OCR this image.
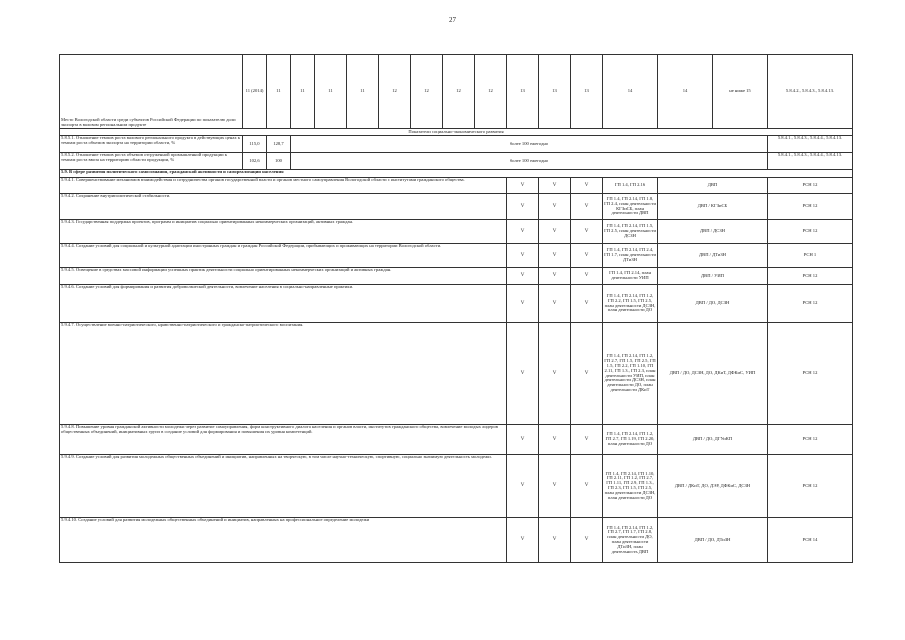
27
Место Вологодской области среди субъектов Российской Федерации по показателю доли экспорта в валовом региональном продукте	11 (2014)	11	11	11	11	12	12	12	12	13	13	13	14	14	не ниже 15	5.8.4.2., 5.8.4.3., 5.8.4.13.
Показатели социально-экономического развития																
5.8.5.1. Отношение темпов роста валового регионального продукта в действующих ценах к темпам роста объемов экспорта на территории области, %	115,0	128,7	более 100 ежегодно													5.8.4.1., 5.8.4.3., 5.8.4.4., 5.8.4.13.
5.8.5.2. Отношение темпов роста объемов отгруженной промышленной продукции к темпам роста ввоза на территорию области продукции, %	102,6	100	более 100 ежегодно													5.8.4.1., 5.8.4.3., 5.8.4.4., 5.8.4.13.
5.9. В сфере развития политического самосознания, гражданской активности и самореализации населения																
5.9.4.1. Совершенствование механизмов взаимодействия и сотрудничества органов государственной власти и органов местного самоуправления Вологодской области с институтами гражданского общества.										V	V	V	ГП 1.4, ГП 2.16	ДВП		РСН 12
5.9.4.2. Сохранение внутриполитической стабильности.										V	V	V	ГП 1.4, ГП 2.14, ГП 1.8, ГП 2.4, план деятельности КГЗиСБ, план деятельности ДВП	ДВП / КГЗиСБ		РСН 12
5.9.4.3. Государственная поддержка проектов, программ и инициатив социально ориентированных некоммерческих организаций, активных граждан.										V	V	V	ГП 1.4, ГП 2.14, ГП 1.5, ГП 2.5, план деятельности ДСЗН	ДВП / ДСЗН		РСН 12
5.9.4.4. Создание условий для социальной и культурной адаптации иностранных граждан и граждан Российской Федерации, прибывающих и проживающих на территории Вологодской области.										V	V	V	ГП 1.4, ГП 2.14, ГП 2.4, ГП 1.7, план деятельности ДТиЗН	ДВП / ДТиЗН		РСН 1
5.9.4.5. Освещение в средствах массовой информации успешных практик деятельности социально ориентированных некоммерческих организаций и активных граждан.										V	V	V	ГП 1.4, ГП 2.14, план деятельности УИП	ДВП / УИП		РСН 12
5.9.4.6. Создание условий для формирования и развития добровольческой деятельности, вовлечение населения в социально-направленные практики.										V	V	V	ГП 1.4, ГП 2.14, ГП 1.2, ГП 2.2, ГП 1.5, ГП 2.5, план деятельности ДСЗН, план деятельности ДО	ДВП / ДО, ДСЗН		РСН 12
5.9.4.7. Осуществление военно-патриотического, нравственно-патриотического и гражданско-патриотического воспитания.										V	V	V	ГП 1.4, ГП 2.14, ГП 1.2, ГП 2.7, ГП 1.5, ГП 2.5, ГП 1.5, ГП 2.2, ГП 1.10, ГП 2.11, ГП 1.3., ГП 2.3, план деятельности УИП, план деятельности ДСЗН, план деятельности ДО, план деятельности ДКиТ	ДВП / ДО, ДСЗН, ДО, ДКиТ, ДФКиС, УИП		РСН 12
5.9.4.8. Повышение уровня гражданской активности молодежи через развитие самоуправления, форм конструктивного диалога населения и органов власти, институтов гражданского общества, вовлечение молодых лидеров общественных объединений, инициативных групп в создание условий для формирования и повышения их уровня компетенций.										V	V	V	ГП 1.4, ГП 2.14, ГП 1.2, ГП 2.7, ГП 1.19, ГП 2.20, план деятельности ДО	ДВП / ДО, ДГУиКП		РСН 12
5.9.4.9. Создание условий для развития молодежных общественных объединений и инициатив, направленных на творческую, в том числе научно-техническую, спортивную, социально значимую деятельность молодежи.										V	V	V	ГП 1.4, ГП 2.14, ГП 1.10, ГП 2.11, ГП 1.2, ГП 2.7, ГП 1.11, ГП 2.9, ГП 1.3., ГП 2.3, ГП 1.5, ГП 2.5, план деятельности ДСЗН, план деятельности ДО	ДВП / ДКиТ, ДО, ДЭР, ДФКиС, ДСЗН		РСН 12
5.9.4.10. Создание условий для развития молодежных общественных объединений и инициатив, направленных на профессиональное определение молодежи										V	V	V	ГП 1.4, ГП 2.14, ГП 1.2, ГП 2.7, ГП 1.7, ГП 2.8, план деятельности ДО, план деятельности ДТиЗН, план деятельность ДВП	ДВП / ДО, ДТиЗН		РСН 14
